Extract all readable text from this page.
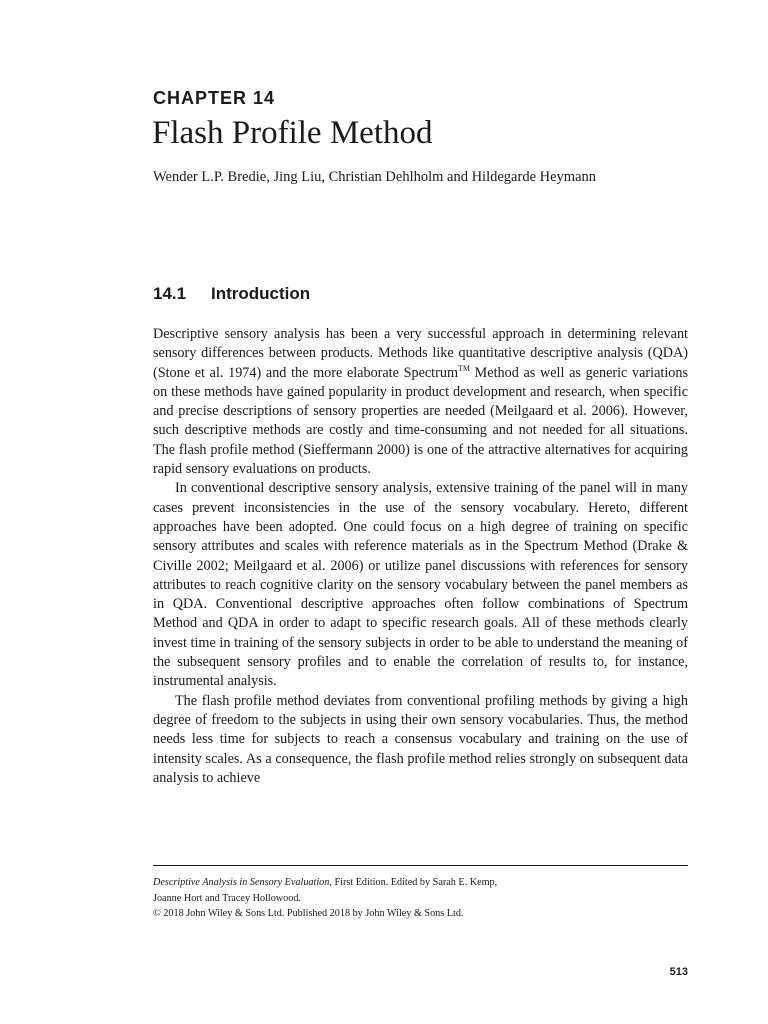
CHAPTER 14
Flash Profile Method
Wender L.P. Bredie, Jing Liu, Christian Dehlholm and Hildegarde Heymann
14.1 Introduction

Descriptive sensory analysis has been a very successful approach in determining relevant sensory differences between products. Methods like quantitative descriptive analysis (QDA) (Stone et al. 1974) and the more elaborate Spectrum™ Method as well as generic variations on these methods have gained popularity in product development and research, when specific and precise descriptions of sensory properties are needed (Meilgaard et al. 2006). However, such descriptive methods are costly and time-consuming and not needed for all situations. The flash profile method (Sieffermann 2000) is one of the attractive alternatives for acquiring rapid sensory evaluations on products.

In conventional descriptive sensory analysis, extensive training of the panel will in many cases prevent inconsistencies in the use of the sensory vocabulary. Hereto, different approaches have been adopted. One could focus on a high degree of training on specific sensory attributes and scales with reference materials as in the Spectrum Method (Drake & Civille 2002; Meilgaard et al. 2006) or utilize panel discussions with references for sensory attributes to reach cognitive clarity on the sensory vocabulary between the panel members as in QDA. Conventional descriptive approaches often follow combinations of Spectrum Method and QDA in order to adapt to specific research goals. All of these methods clearly invest time in training of the sensory subjects in order to be able to understand the meaning of the subsequent sensory profiles and to enable the correlation of results to, for instance, instrumental analysis.

The flash profile method deviates from conventional profiling methods by giving a high degree of freedom to the subjects in using their own sensory vocabularies. Thus, the method needs less time for subjects to reach a consensus vocabulary and training on the use of intensity scales. As a consequence, the flash profile method relies strongly on subsequent data analysis to achieve

Descriptive Analysis in Sensory Evaluation, First Edition. Edited by Sarah E. Kemp,
Joanne Hort and Tracey Hollowood.
© 2018 John Wiley & Sons Ltd. Published 2018 by John Wiley & Sons Ltd.
513
